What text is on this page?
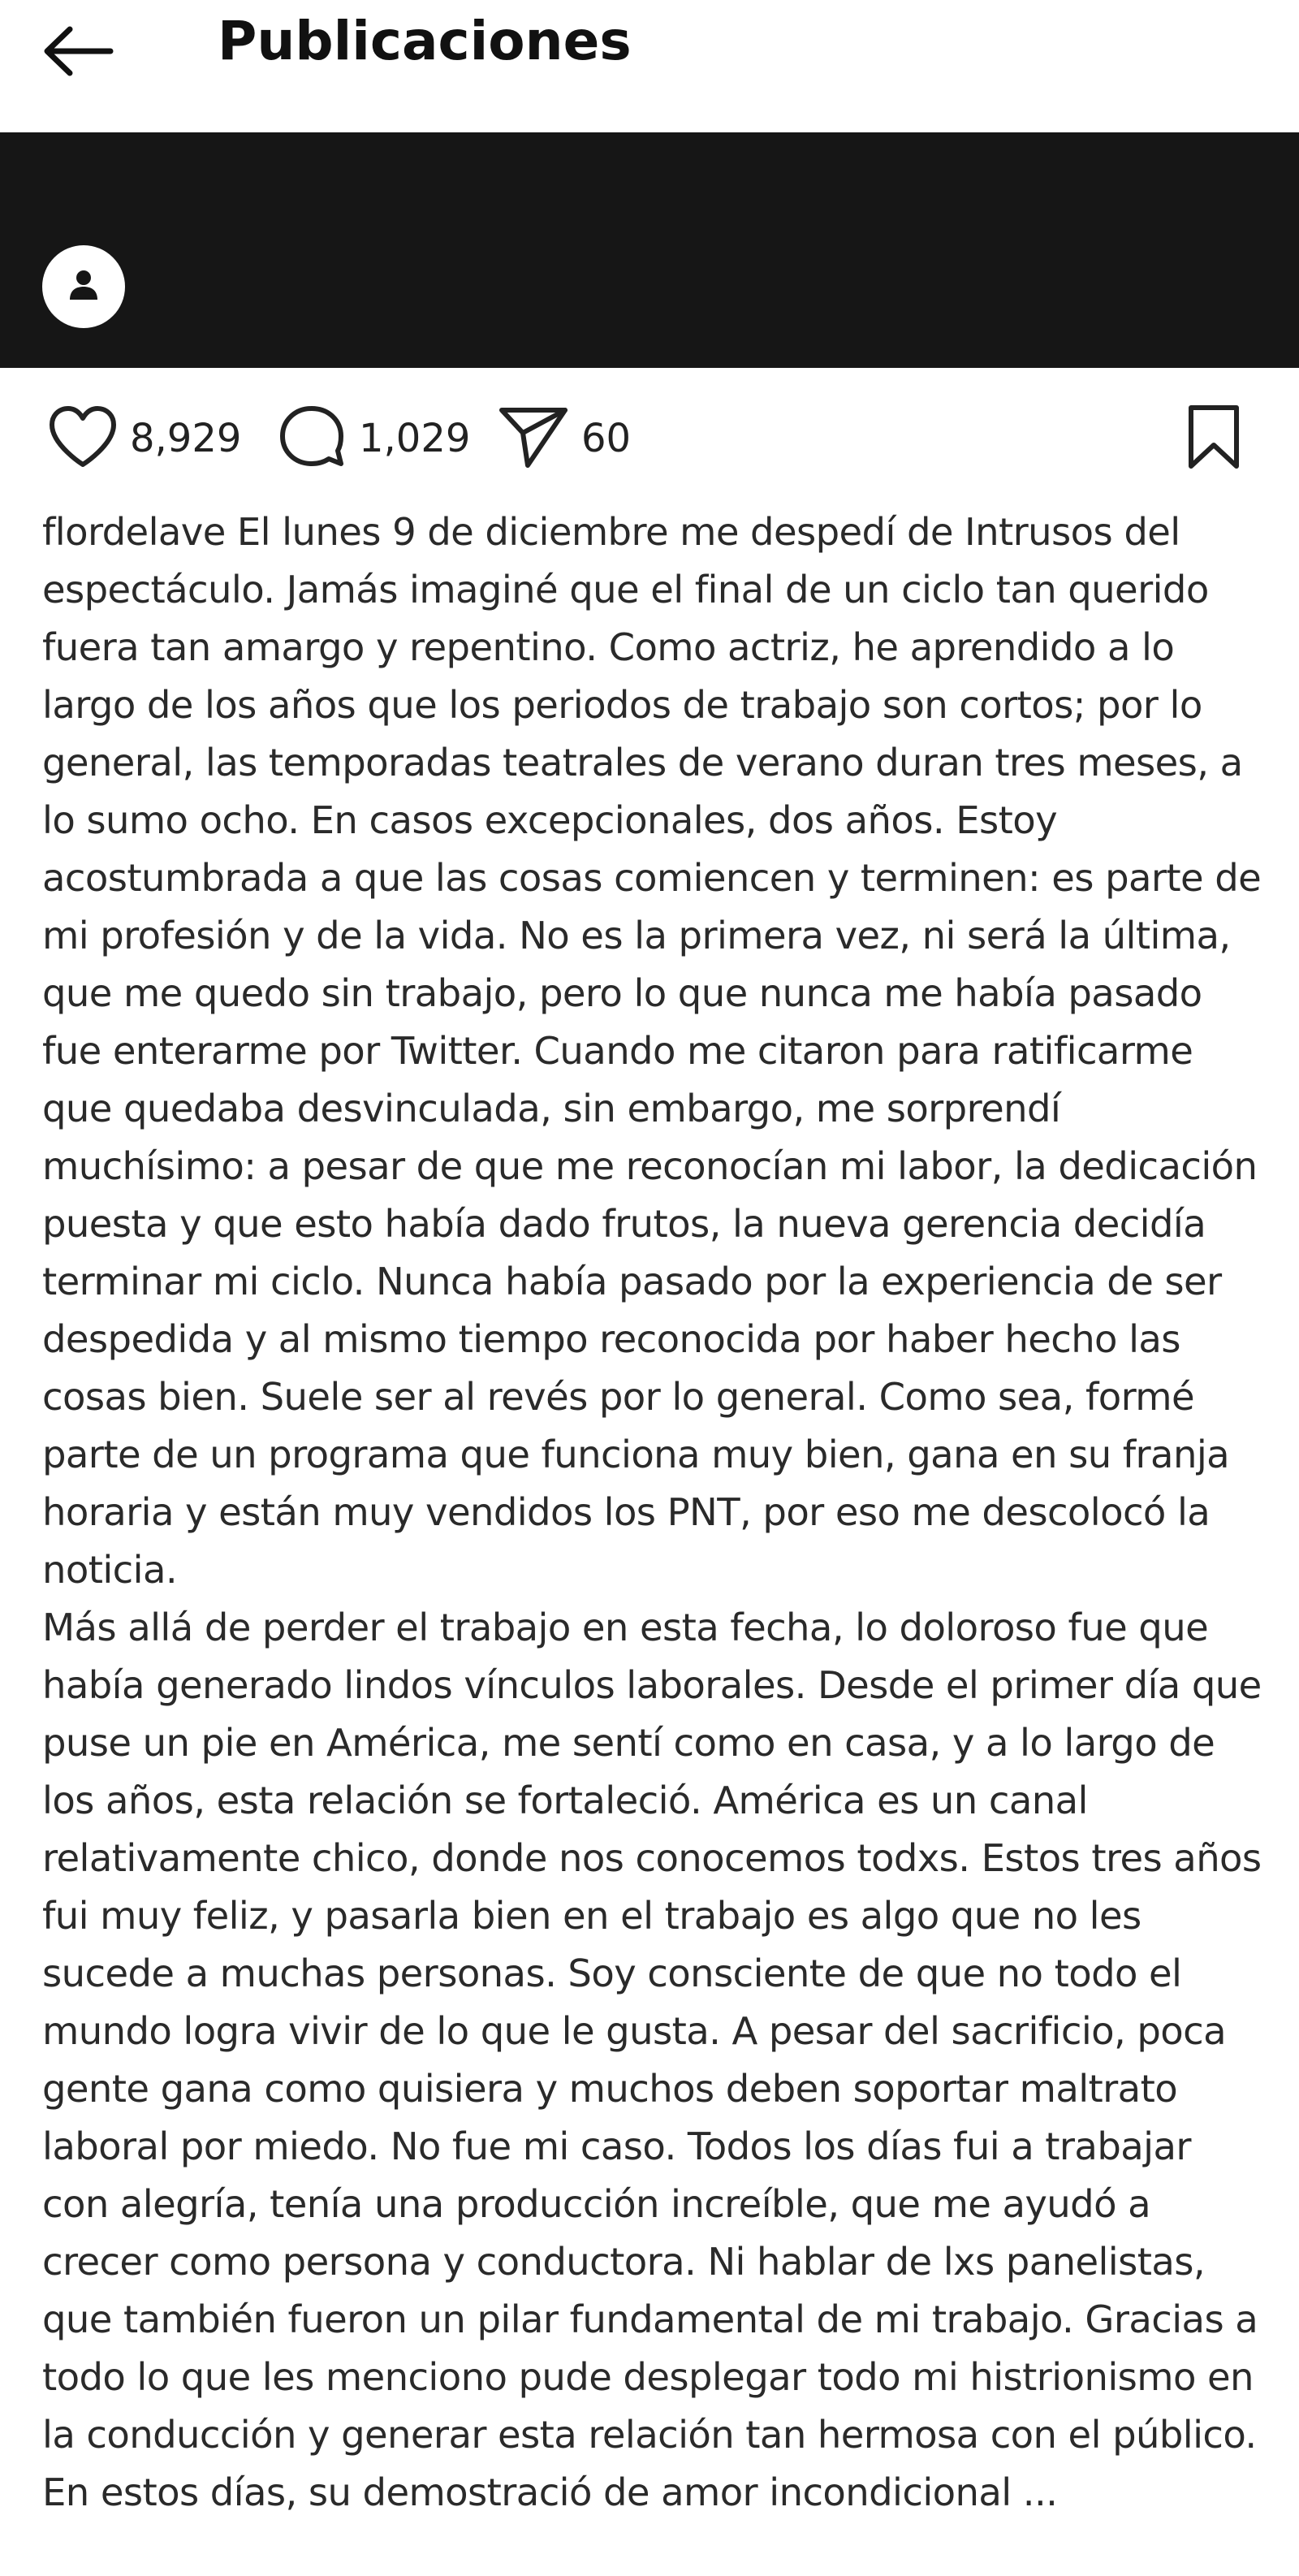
Publicaciones
8,929	1,029	60

flordelave El lunes 9 de diciembre me despedí de Intrusos del espectáculo. Jamás imaginé que el final de un ciclo tan querido fuera tan amargo y repentino. Como actriz, he aprendido a lo largo de los años que los periodos de trabajo son cortos; por lo general, las temporadas teatrales de verano duran tres meses, a lo sumo ocho. En casos excepcionales, dos años. Estoy acostumbrada a que las cosas comiencen y terminen: es parte de mi profesión y de la vida. No es la primera vez, ni será la última, que me quedo sin trabajo, pero lo que nunca me había pasado fue enterarme por Twitter. Cuando me citaron para ratificarme que quedaba desvinculada, sin embargo, me sorprendí muchísimo: a pesar de que me reconocían mi labor, la dedicación puesta y que esto había dado frutos, la nueva gerencia decidía terminar mi ciclo. Nunca había pasado por la experiencia de ser despedida y al mismo tiempo reconocida por haber hecho las cosas bien. Suele ser al revés por lo general. Como sea, formé parte de un programa que funciona muy bien, gana en su franja horaria y están muy vendidos los PNT, por eso me descolocó la noticia.

Más allá de perder el trabajo en esta fecha, lo doloroso fue que había generado lindos vínculos laborales. Desde el primer día que puse un pie en América, me sentí como en casa, y a lo largo de los años, esta relación se fortaleció. América es un canal relativamente chico, donde nos conocemos todxs. Estos tres años fui muy feliz, y pasarla bien en el trabajo es algo que no les sucede a muchas personas. Soy consciente de que no todo el mundo logra vivir de lo que le gusta. A pesar del sacrificio, poca gente gana como quisiera y muchos deben soportar maltrato laboral por miedo. No fue mi caso. Todos los días fui a trabajar con alegría, tenía una producción increíble, que me ayudó a crecer como persona y conductora. Ni hablar de lxs panelistas, que también fueron un pilar fundamental de mi trabajo. Gracias a todo lo que les menciono pude desplegar todo mi histrionismo en la conducción y generar esta relación tan hermosa con el público. En estos días, su demostració de amor incondicional ...
